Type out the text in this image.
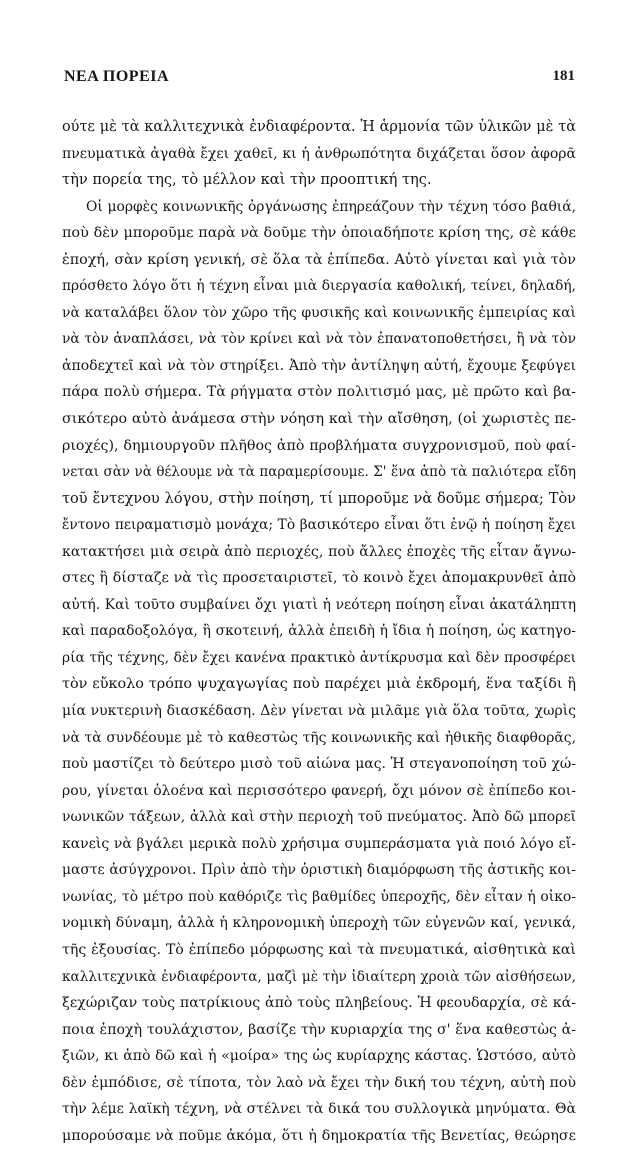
ΝΕΑ ΠΟΡΕΙΑ	181
ούτε μὲ τὰ καλλιτεχνικὰ ἐνδιαφέροντα. Ἡ ἁρμονία τῶν ὑλικῶν μὲ τὰ
πνευματικὰ ἀγαθὰ ἔχει χαθεῖ, κι ἡ ἀνθρωπότητα διχάζεται ὅσον ἀφορᾶ
τὴν πορεία της, τὸ μέλλον καὶ τὴν προοπτική της.
Οἱ μορφὲς κοινωνικῆς ὀργάνωσης ἐπηρεάζουν τὴν τέχνη τόσο βαθιά,
ποὺ δὲν μποροῦμε παρὰ νὰ δοῦμε τὴν ὁποιαδήποτε κρίση της, σὲ κάθε
ἐποχή, σὰν κρίση γενική, σὲ ὅλα τὰ ἐπίπεδα. Αὐτὸ γίνεται καὶ γιὰ τὸν
πρόσθετο λόγο ὅτι ἡ τέχνη εἶναι μιὰ διεργασία καθολική, τείνει, δηλαδή,
νὰ καταλάβει ὅλον τὸν χῶρο τῆς φυσικῆς καὶ κοινωνικῆς ἐμπειρίας καὶ
νὰ τὸν ἀναπλάσει, νὰ τὸν κρίνει καὶ νὰ τὸν ἐπανατοποθετήσει, ἢ νὰ τὸν
ἀποδεχτεῖ καὶ νὰ τὸν στηρίξει. Ἀπὸ τὴν ἀντίληψη αὐτή, ἔχουμε ξεφύγει
πάρα πολὺ σήμερα. Τὰ ρήγματα στὸν πολιτισμό μας, μὲ πρῶτο καὶ βα-
σικότερο αὐτὸ ἀνάμεσα στὴν νόηση καὶ τὴν αἴσθηση, (οἱ χωριστὲς πε-
ριοχές), δημιουργοῦν πλῆθος ἀπὸ προβλήματα συγχρονισμοῦ, ποὺ φαί-
νεται σὰν νὰ θέλουμε νὰ τὰ παραμερίσουμε. Σ' ἕνα ἀπὸ τὰ παλιότερα εἴδη
τοῦ ἔντεχνου λόγου, στὴν ποίηση, τί μποροῦμε νὰ δοῦμε σήμερα; Τὸν
ἔντονο πειραματισμὸ μονάχα; Τὸ βασικότερο εἶναι ὅτι ἐνῷ ἡ ποίηση ἔχει
κατακτήσει μιὰ σειρὰ ἀπὸ περιοχές, ποὺ ἄλλες ἐποχὲς τῆς εἶταν ἄγνω-
στες ἢ δίσταζε νὰ τὶς προσεταιριστεῖ, τὸ κοινὸ ἔχει ἀπομακρυνθεῖ ἀπὸ
αὐτή. Καὶ τοῦτο συμβαίνει ὄχι γιατὶ ἡ νεότερη ποίηση εἶναι ἀκατάληπτη
καὶ παραδοξολόγα, ἢ σκοτεινή, ἀλλὰ ἐπειδὴ ἡ ἴδια ἡ ποίηση, ὡς κατηγο-
ρία τῆς τέχνης, δὲν ἔχει κανένα πρακτικὸ ἀντίκρυσμα καὶ δὲν προσφέρει
τὸν εὔκολο τρόπο ψυχαγωγίας ποὺ παρέχει μιὰ ἐκδρομή, ἕνα ταξίδι ἢ
μία νυκτερινὴ διασκέδαση. Δὲν γίνεται νὰ μιλᾶμε γιὰ ὅλα τοῦτα, χωρὶς
νὰ τὰ συνδέουμε μὲ τὸ καθεστὼς τῆς κοινωνικῆς καὶ ἠθικῆς διαφθορᾶς,
ποὺ μαστίζει τὸ δεύτερο μισὸ τοῦ αἰώνα μας. Ἡ στεγανοποίηση τοῦ χώ-
ρου, γίνεται ὁλοένα καὶ περισσότερο φανερή, ὄχι μόνον σὲ ἐπίπεδο κοι-
νωνικῶν τάξεων, ἀλλὰ καὶ στὴν περιοχὴ τοῦ πνεύματος. Ἀπὸ δῶ μπορεῖ
κανεὶς νὰ βγάλει μερικὰ πολὺ χρήσιμα συμπεράσματα γιὰ ποιό λόγο εἴ-
μαστε ἀσύγχρονοι. Πρὶν ἀπὸ τὴν ὁριστικὴ διαμόρφωση τῆς ἀστικῆς κοι-
νωνίας, τὸ μέτρο ποὺ καθόριζε τὶς βαθμίδες ὑπεροχῆς, δὲν εἶταν ἡ οἰκο-
νομικὴ δύναμη, ἀλλὰ ἡ κληρονομικὴ ὑπεροχὴ τῶν εὐγενῶν καί, γενικά,
τῆς ἐξουσίας. Τὸ ἐπίπεδο μόρφωσης καὶ τὰ πνευματικά, αἰσθητικὰ καὶ
καλλιτεχνικὰ ἐνδιαφέροντα, μαζὶ μὲ τὴν ἰδιαίτερη χροιὰ τῶν αἰσθήσεων,
ξεχώριζαν τοὺς πατρίκιους ἀπὸ τοὺς πληβείους. Ἡ φεουδαρχία, σὲ κά-
ποια ἐποχὴ τουλάχιστον, βασίζε τὴν κυριαρχία της σ' ἕνα καθεστὼς ἀ-
ξιῶν, κι ἀπὸ δῶ καὶ ἡ «μοίρα» της ὡς κυρίαρχης κάστας. Ὡστόσο, αὐτὸ
δὲν ἐμπόδισε, σὲ τίποτα, τὸν λαὸ νὰ ἔχει τὴν δική του τέχνη, αὐτὴ ποὺ
τὴν λέμε λαϊκὴ τέχνη, νὰ στέλνει τὰ δικά του συλλογικὰ μηνύματα. Θὰ
μπορούσαμε νὰ ποῦμε ἀκόμα, ὅτι ἡ δημοκρατία τῆς Βενετίας, θεώρησε
